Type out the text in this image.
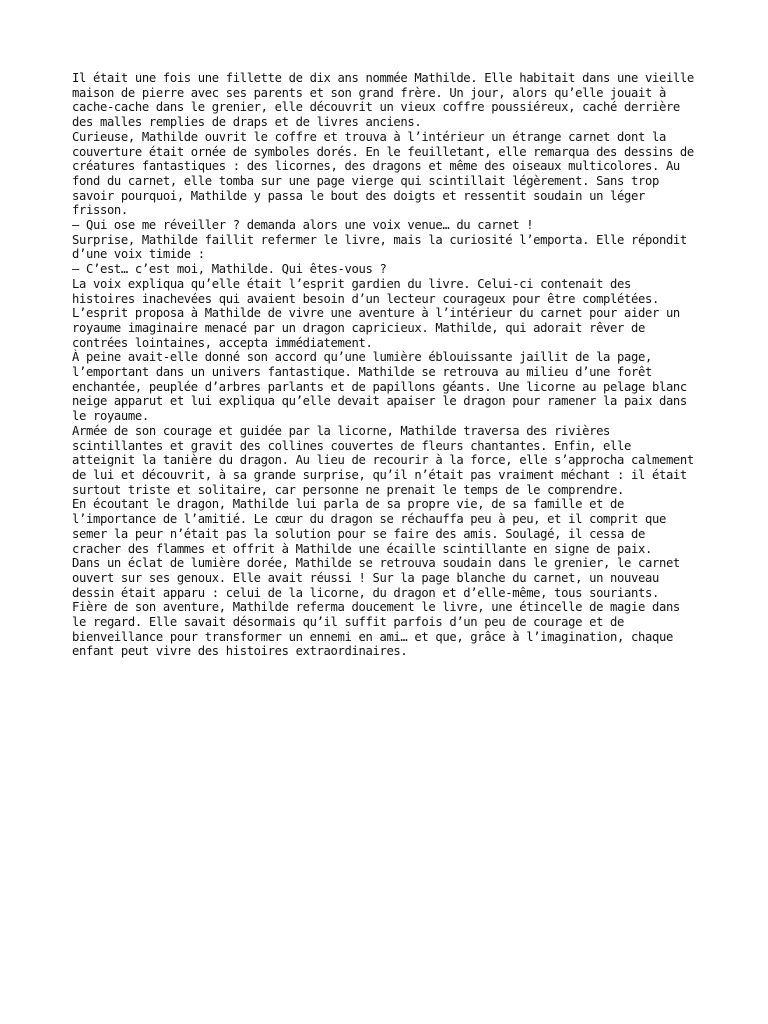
Il était une fois une fillette de dix ans nommée Mathilde. Elle habitait dans une vieille maison de pierre avec ses parents et son grand frère. Un jour, alors qu’elle jouait à cache-cache dans le grenier, elle découvrit un vieux coffre poussiéreux, caché derrière des malles remplies de draps et de livres anciens.

Curieuse, Mathilde ouvrit le coffre et trouva à l’intérieur un étrange carnet dont la couverture était ornée de symboles dorés. En le feuilletant, elle remarqua des dessins de créatures fantastiques : des licornes, des dragons et même des oiseaux multicolores. Au fond du carnet, elle tomba sur une page vierge qui scintillait légèrement. Sans trop savoir pourquoi, Mathilde y passa le bout des doigts et ressentit soudain un léger frisson.

— Qui ose me réveiller ? demanda alors une voix venue… du carnet !

Surprise, Mathilde faillit refermer le livre, mais la curiosité l’emporta. Elle répondit d’une voix timide :

— C’est… c’est moi, Mathilde. Qui êtes-vous ?

La voix expliqua qu’elle était l’esprit gardien du livre. Celui-ci contenait des histoires inachevées qui avaient besoin d’un lecteur courageux pour être complétées. L’esprit proposa à Mathilde de vivre une aventure à l’intérieur du carnet pour aider un royaume imaginaire menacé par un dragon capricieux. Mathilde, qui adorait rêver de contrées lointaines, accepta immédiatement.

À peine avait-elle donné son accord qu’une lumière éblouissante jaillit de la page, l’emportant dans un univers fantastique. Mathilde se retrouva au milieu d’une forêt enchantée, peuplée d’arbres parlants et de papillons géants. Une licorne au pelage blanc neige apparut et lui expliqua qu’elle devait apaiser le dragon pour ramener la paix dans le royaume.

Armée de son courage et guidée par la licorne, Mathilde traversa des rivières scintillantes et gravit des collines couvertes de fleurs chantantes. Enfin, elle atteignit la tanière du dragon. Au lieu de recourir à la force, elle s’approcha calmement de lui et découvrit, à sa grande surprise, qu’il n’était pas vraiment méchant : il était surtout triste et solitaire, car personne ne prenait le temps de le comprendre.

En écoutant le dragon, Mathilde lui parla de sa propre vie, de sa famille et de l’importance de l’amitié. Le cœur du dragon se réchauffa peu à peu, et il comprit que semer la peur n’était pas la solution pour se faire des amis. Soulagé, il cessa de cracher des flammes et offrit à Mathilde une écaille scintillante en signe de paix.

Dans un éclat de lumière dorée, Mathilde se retrouva soudain dans le grenier, le carnet ouvert sur ses genoux. Elle avait réussi ! Sur la page blanche du carnet, un nouveau dessin était apparu : celui de la licorne, du dragon et d’elle-même, tous souriants.

Fière de son aventure, Mathilde referma doucement le livre, une étincelle de magie dans le regard. Elle savait désormais qu’il suffit parfois d’un peu de courage et de bienveillance pour transformer un ennemi en ami… et que, grâce à l’imagination, chaque enfant peut vivre des histoires extraordinaires.
